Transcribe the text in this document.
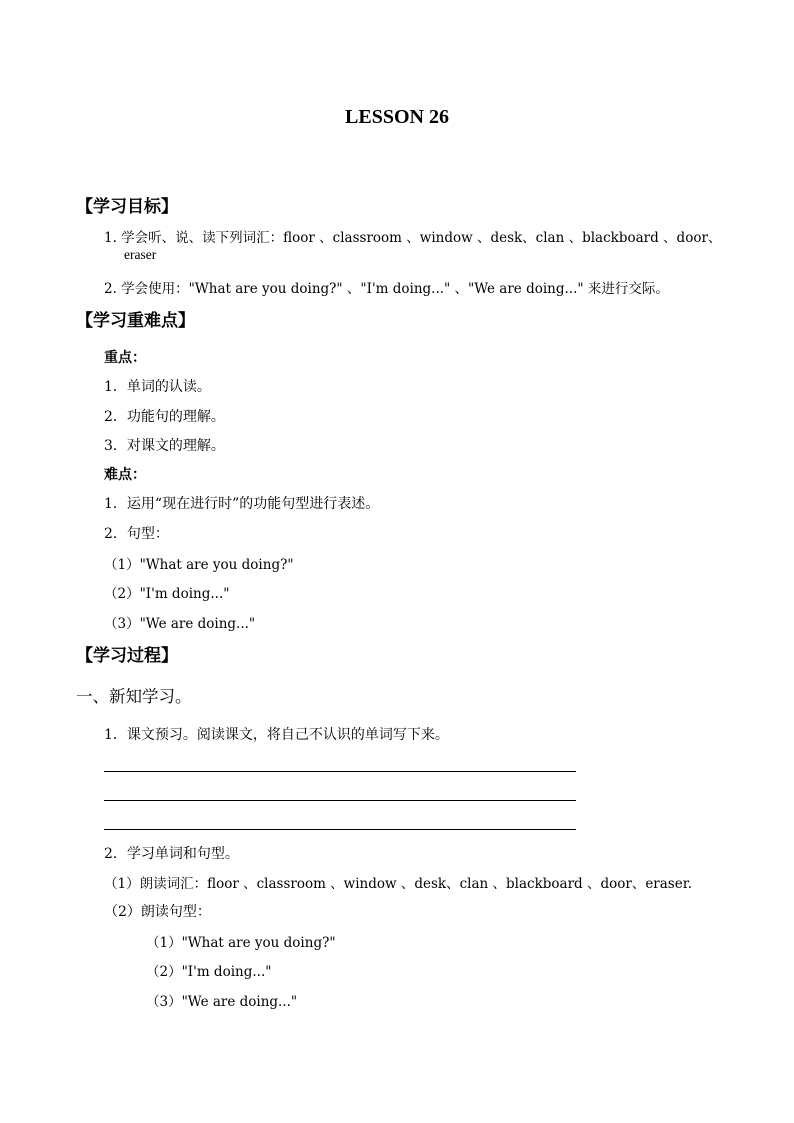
LESSON 26
【学习目标】
1. 学会听、说、读下列词汇：floor 、classroom 、window 、desk、clan 、blackboard 、door、
eraser
2. 学会使用："What are you doing?" 、"I'm doing..." 、"We are doing..." 来进行交际。
【学习重难点】
重点：
1．单词的认读。
2．功能句的理解。
3．对课文的理解。
难点：
1．运用“现在进行时”的功能句型进行表述。
2．句型：
（1）"What are you doing?"
（2）"I'm doing..."
（3）"We are doing..."
【学习过程】
一、新知学习。
1．课文预习。阅读课文，将自己不认识的单词写下来。
2．学习单词和句型。
（1）朗读词汇：floor 、classroom 、window 、desk、clan 、blackboard 、door、eraser.
（2）朗读句型：
（1）"What are you doing?"
（2）"I'm doing..."
（3）"We are doing..."
